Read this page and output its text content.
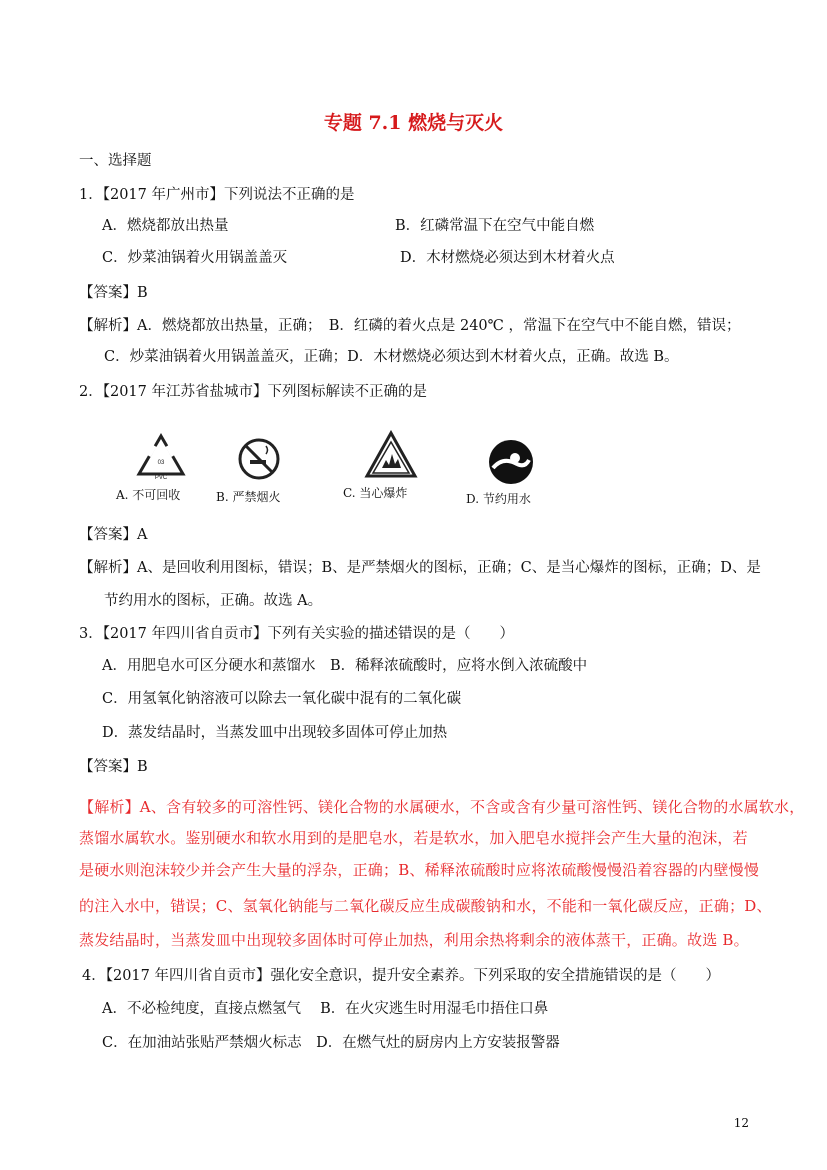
专题 7.1 燃烧与灭火
一、选择题
1．【2017 年广州市】下列说法不正确的是
A．燃烧都放出热量	B．红磷常温下在空气中能自燃
C．炒菜油锅着火用锅盖盖灭	D．木材燃烧必须达到木材着火点
【答案】B
【解析】A．燃烧都放出热量，正确；　B．红磷的着火点是 240℃ ，常温下在空气中不能自燃，错误；
C．炒菜油锅着火用锅盖盖灭，正确；D．木材燃烧必须达到木材着火点，正确。故选 B。
2．【2017 年江苏省盐城市】下列图标解读不正确的是
03
PVC
A. 不可回收	B. 严禁烟火	C. 当心爆炸	D. 节约用水
【答案】A
【解析】A、是回收利用图标，错误；B、是严禁烟火的图标，正确；C、是当心爆炸的图标，正确；D、是
节约用水的图标，正确。故选 A。
3．【2017 年四川省自贡市】下列有关实验的描述错误的是（　　）
A．用肥皂水可区分硬水和蒸馏水　B．稀释浓硫酸时，应将水倒入浓硫酸中
C．用氢氧化钠溶液可以除去一氧化碳中混有的二氧化碳
D．蒸发结晶时，当蒸发皿中出现较多固体可停止加热
【答案】B
【解析】A、含有较多的可溶性钙、镁化合物的水属硬水，不含或含有少量可溶性钙、镁化合物的水属软水，
蒸馏水属软水。鉴别硬水和软水用到的是肥皂水，若是软水，加入肥皂水搅拌会产生大量的泡沫，若
是硬水则泡沫较少并会产生大量的浮杂，正确；B、稀释浓硫酸时应将浓硫酸慢慢沿着容器的内壁慢慢
的注入水中，错误；C、氢氧化钠能与二氧化碳反应生成碳酸钠和水，不能和一氧化碳反应，正确；D、
蒸发结晶时，当蒸发皿中出现较多固体时可停止加热，利用余热将剩余的液体蒸干，正确。故选 B。
4．【2017 年四川省自贡市】强化安全意识，提升安全素养。下列采取的安全措施错误的是（　　）
A．不必检纯度，直接点燃氢气　 B．在火灾逃生时用湿毛巾捂住口鼻
C．在加油站张贴严禁烟火标志　D．在燃气灶的厨房内上方安装报警器
12
